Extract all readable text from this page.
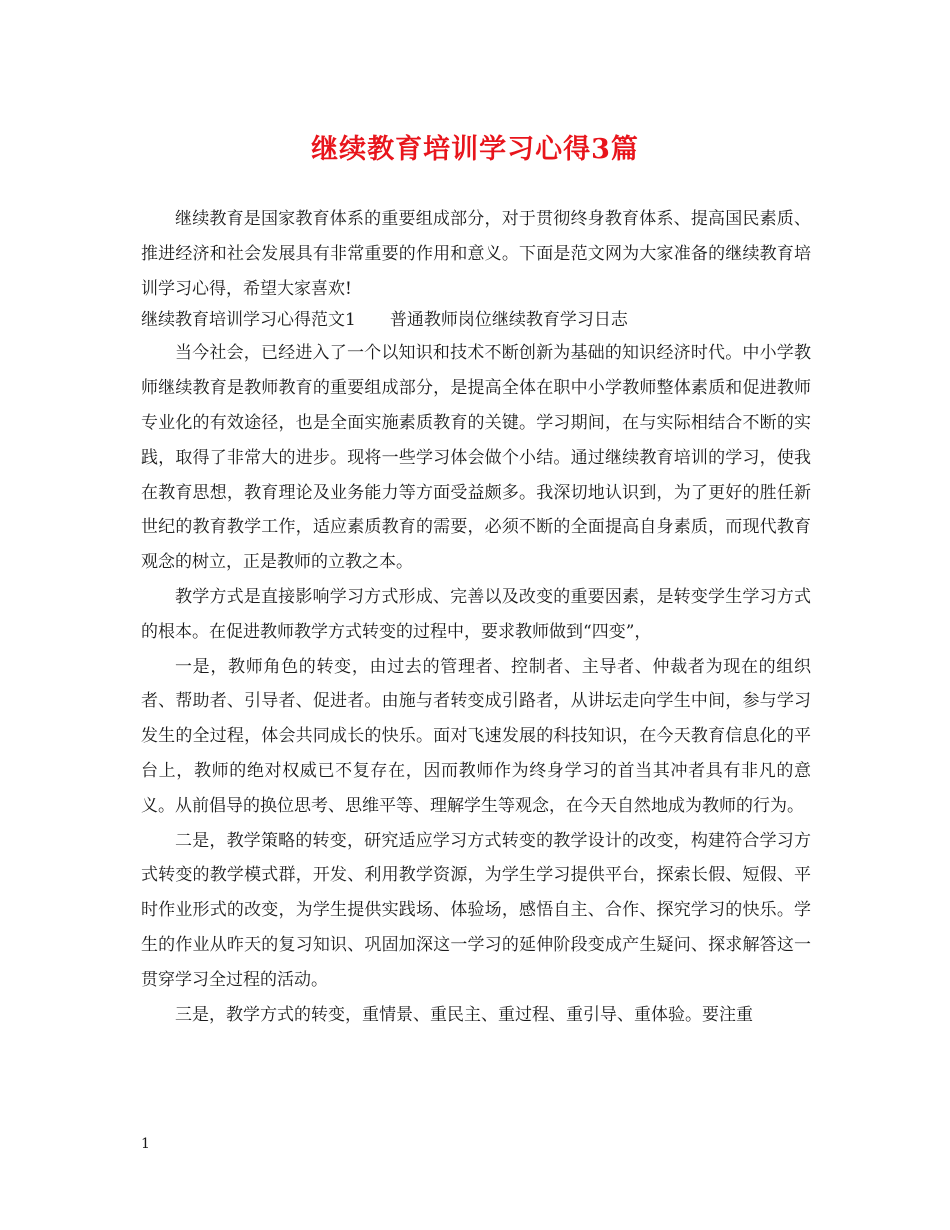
继续教育培训学习心得3篇

继续教育是国家教育体系的重要组成部分，对于贯彻终身教育体系、提高国民素质、推进经济和社会发展具有非常重要的作用和意义。下面是范文网为大家准备的继续教育培训学习心得，希望大家喜欢!

继续教育培训学习心得范文1　　普通教师岗位继续教育学习日志

当今社会，已经进入了一个以知识和技术不断创新为基础的知识经济时代。中小学教师继续教育是教师教育的重要组成部分，是提高全体在职中小学教师整体素质和促进教师专业化的有效途径，也是全面实施素质教育的关键。学习期间，在与实际相结合不断的实践，取得了非常大的进步。现将一些学习体会做个小结。通过继续教育培训的学习，使我在教育思想，教育理论及业务能力等方面受益颇多。我深切地认识到，为了更好的胜任新世纪的教育教学工作，适应素质教育的需要，必须不断的全面提高自身素质，而现代教育观念的树立，正是教师的立教之本。

教学方式是直接影响学习方式形成、完善以及改变的重要因素，是转变学生学习方式的根本。在促进教师教学方式转变的过程中，要求教师做到“四变”，

一是，教师角色的转变，由过去的管理者、控制者、主导者、仲裁者为现在的组织者、帮助者、引导者、促进者。由施与者转变成引路者，从讲坛走向学生中间，参与学习发生的全过程，体会共同成长的快乐。面对飞速发展的科技知识，在今天教育信息化的平台上，教师的绝对权威已不复存在，因而教师作为终身学习的首当其冲者具有非凡的意义。从前倡导的换位思考、思维平等、理解学生等观念，在今天自然地成为教师的行为。

二是，教学策略的转变，研究适应学习方式转变的教学设计的改变，构建符合学习方式转变的教学模式群，开发、利用教学资源，为学生学习提供平台，探索长假、短假、平时作业形式的改变，为学生提供实践场、体验场，感悟自主、合作、探究学习的快乐。学生的作业从昨天的复习知识、巩固加深这一学习的延伸阶段变成产生疑问、探求解答这一贯穿学习全过程的活动。

三是，教学方式的转变，重情景、重民主、重过程、重引导、重体验。要注重

1
